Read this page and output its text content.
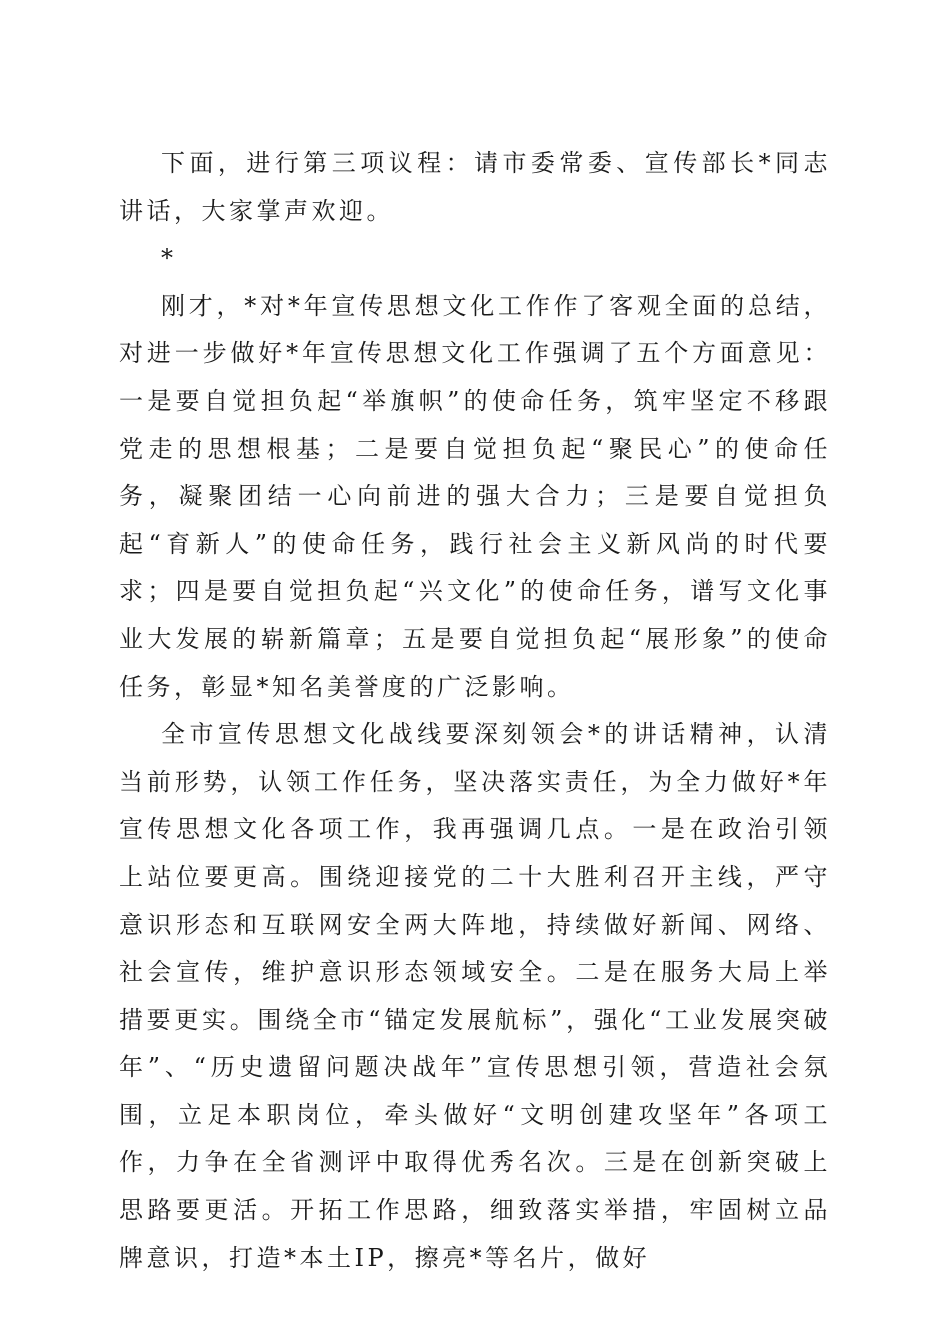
下面，进行第三项议程：请市委常委、宣传部长*同志讲话，大家掌声欢迎。

*

刚才，*对*年宣传思想文化工作作了客观全面的总结，对进一步做好*年宣传思想文化工作强调了五个方面意见：一是要自觉担负起“举旗帜”的使命任务，筑牢坚定不移跟党走的思想根基；二是要自觉担负起“聚民心”的使命任务，凝聚团结一心向前进的强大合力；三是要自觉担负起“育新人”的使命任务，践行社会主义新风尚的时代要求；四是要自觉担负起“兴文化”的使命任务，谱写文化事业大发展的崭新篇章；五是要自觉担负起“展形象”的使命任务，彰显*知名美誉度的广泛影响。

全市宣传思想文化战线要深刻领会*的讲话精神，认清当前形势，认领工作任务，坚决落实责任，为全力做好*年宣传思想文化各项工作，我再强调几点。一是在政治引领上站位要更高。围绕迎接党的二十大胜利召开主线，严守意识形态和互联网安全两大阵地，持续做好新闻、网络、社会宣传，维护意识形态领域安全。二是在服务大局上举措要更实。围绕全市“锚定发展航标”，强化“工业发展突破年”、“历史遗留问题决战年”宣传思想引领，营造社会氛围，立足本职岗位，牵头做好“文明创建攻坚年”各项工作，力争在全省测评中取得优秀名次。三是在创新突破上思路要更活。开拓工作思路，细致落实举措，牢固树立品牌意识，打造*本土IP，擦亮*等名片，做好
